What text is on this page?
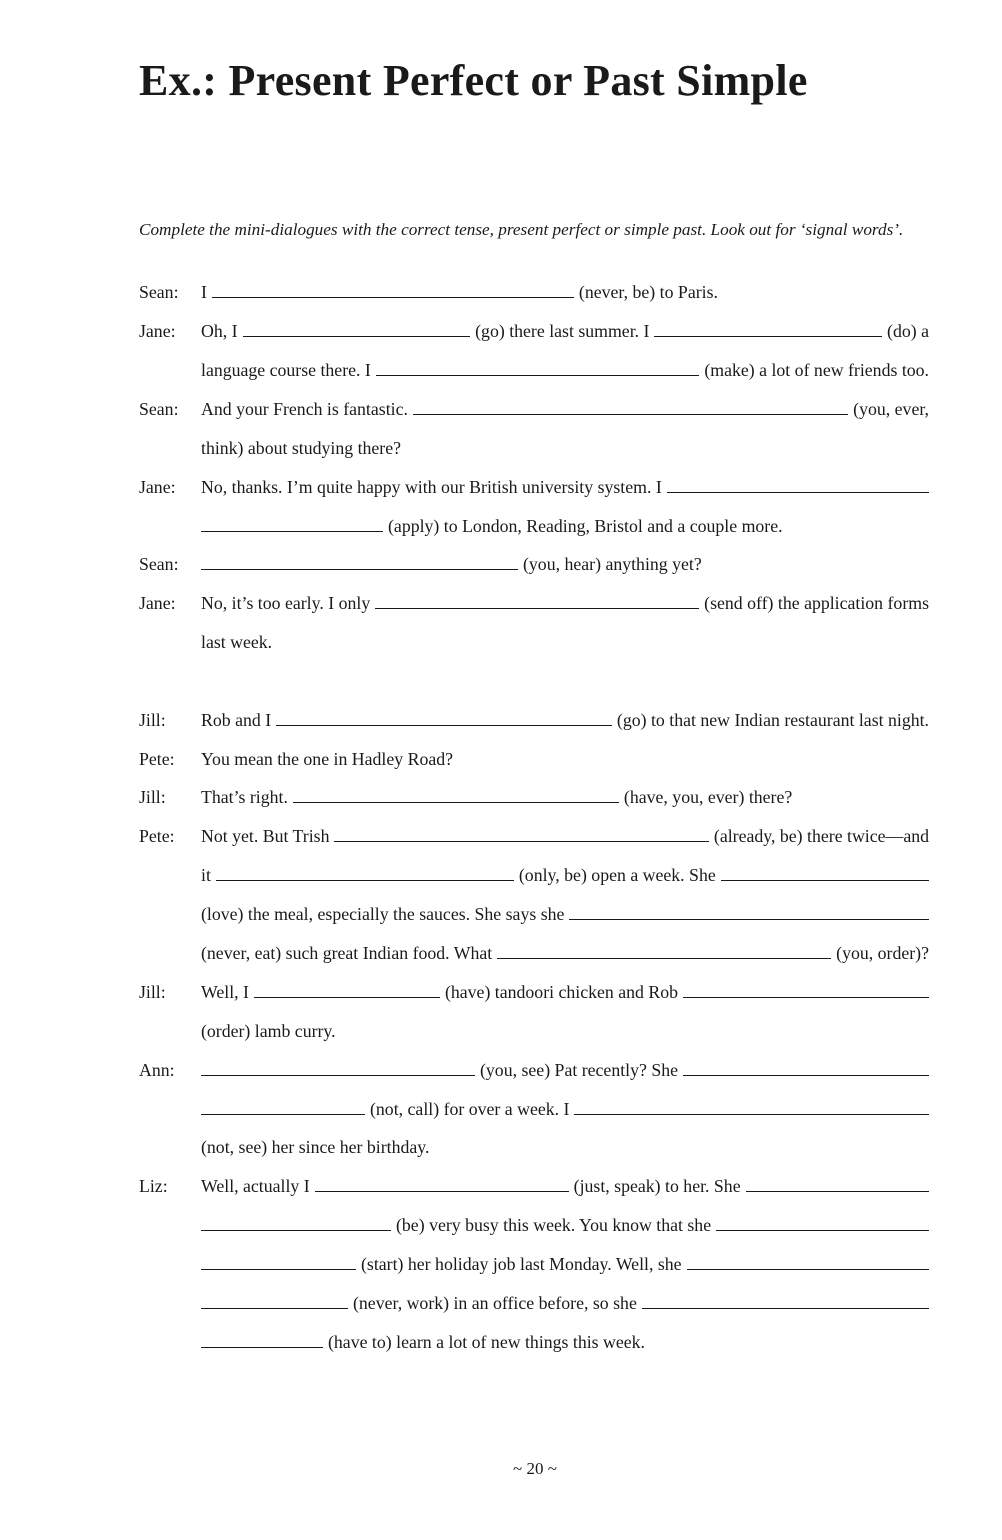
Ex.: Present Perfect or Past Simple

Complete the mini-dialogues with the correct tense, present perfect or simple past. Look out for ‘signal words’.

Sean: I	(never, be) to Paris.
Jane: Oh, I	(go) there last summer. I	(do) a
language course there. I	(make) a lot of new friends too.
Sean: And your French is fantastic.	(you, ever,
think) about studying there?
Jane: No, thanks. I’m quite happy with our British university system. I
(apply) to London, Reading, Bristol and a couple more.
Sean:	(you, hear) anything yet?
Jane: No, it’s too early. I only	(send off) the application forms
last week.
Jill: Rob and I	(go) to that new Indian restaurant last night.
Pete: You mean the one in Hadley Road?
Jill: That’s right.	(have, you, ever) there?
Pete: Not yet. But Trish	(already, be) there twice—and
it	(only, be) open a week. She
(love) the meal, especially the sauces. She says she
(never, eat) such great Indian food. What	(you, order)?
Jill: Well, I	(have) tandoori chicken and Rob
(order) lamb curry.
Ann:	(you, see) Pat recently? She
(not, call) for over a week. I
(not, see) her since her birthday.
Liz: Well, actually I	(just, speak) to her. She
(be) very busy this week. You know that she
(start) her holiday job last Monday. Well, she
(never, work) in an office before, so she
(have to) learn a lot of new things this week.
~ 20 ~
